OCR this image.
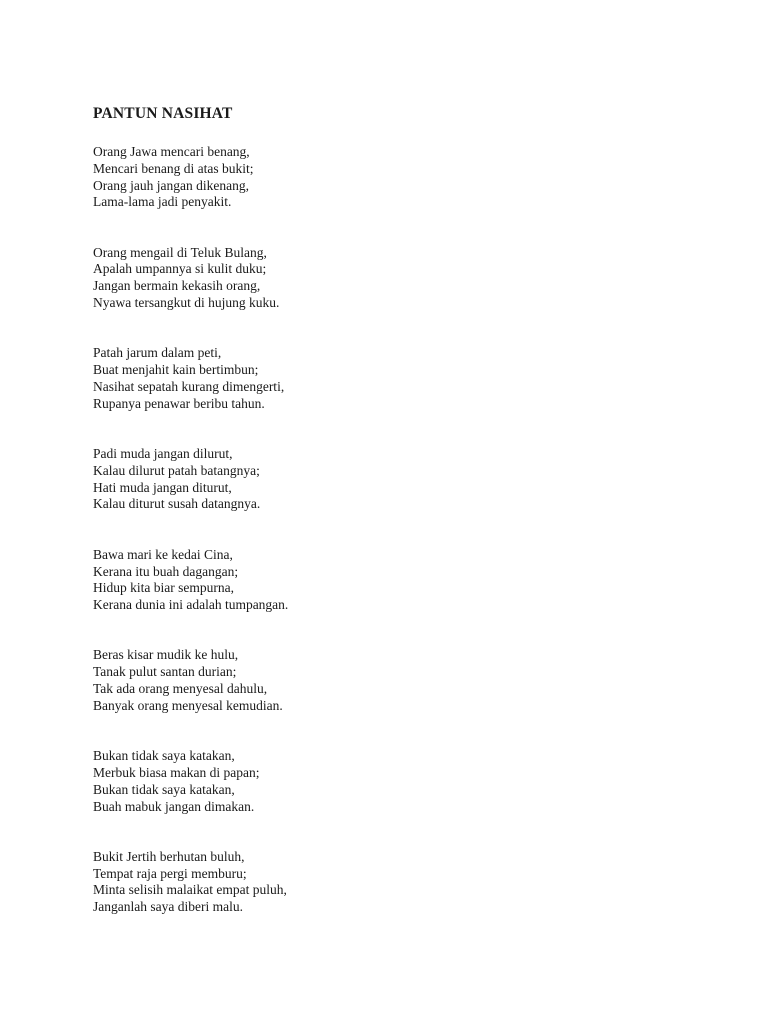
PANTUN NASIHAT
Orang Jawa mencari benang,
Mencari benang di atas bukit;
Orang jauh jangan dikenang,
Lama-lama jadi penyakit.
Orang mengail di Teluk Bulang,
Apalah umpannya si kulit duku;
Jangan bermain kekasih orang,
Nyawa tersangkut di hujung kuku.
Patah jarum dalam peti,
Buat menjahit kain bertimbun;
Nasihat sepatah kurang dimengerti,
Rupanya penawar beribu tahun.
Padi muda jangan dilurut,
Kalau dilurut patah batangnya;
Hati muda jangan diturut,
Kalau diturut susah datangnya.
Bawa mari ke kedai Cina,
Kerana itu buah dagangan;
Hidup kita biar sempurna,
Kerana dunia ini adalah tumpangan.
Beras kisar mudik ke hulu,
Tanak pulut santan durian;
Tak ada orang menyesal dahulu,
Banyak orang menyesal kemudian.
Bukan tidak saya katakan,
Merbuk biasa makan di papan;
Bukan tidak saya katakan,
Buah mabuk jangan dimakan.
Bukit Jertih berhutan buluh,
Tempat raja pergi memburu;
Minta selisih malaikat empat puluh,
Janganlah saya diberi malu.
